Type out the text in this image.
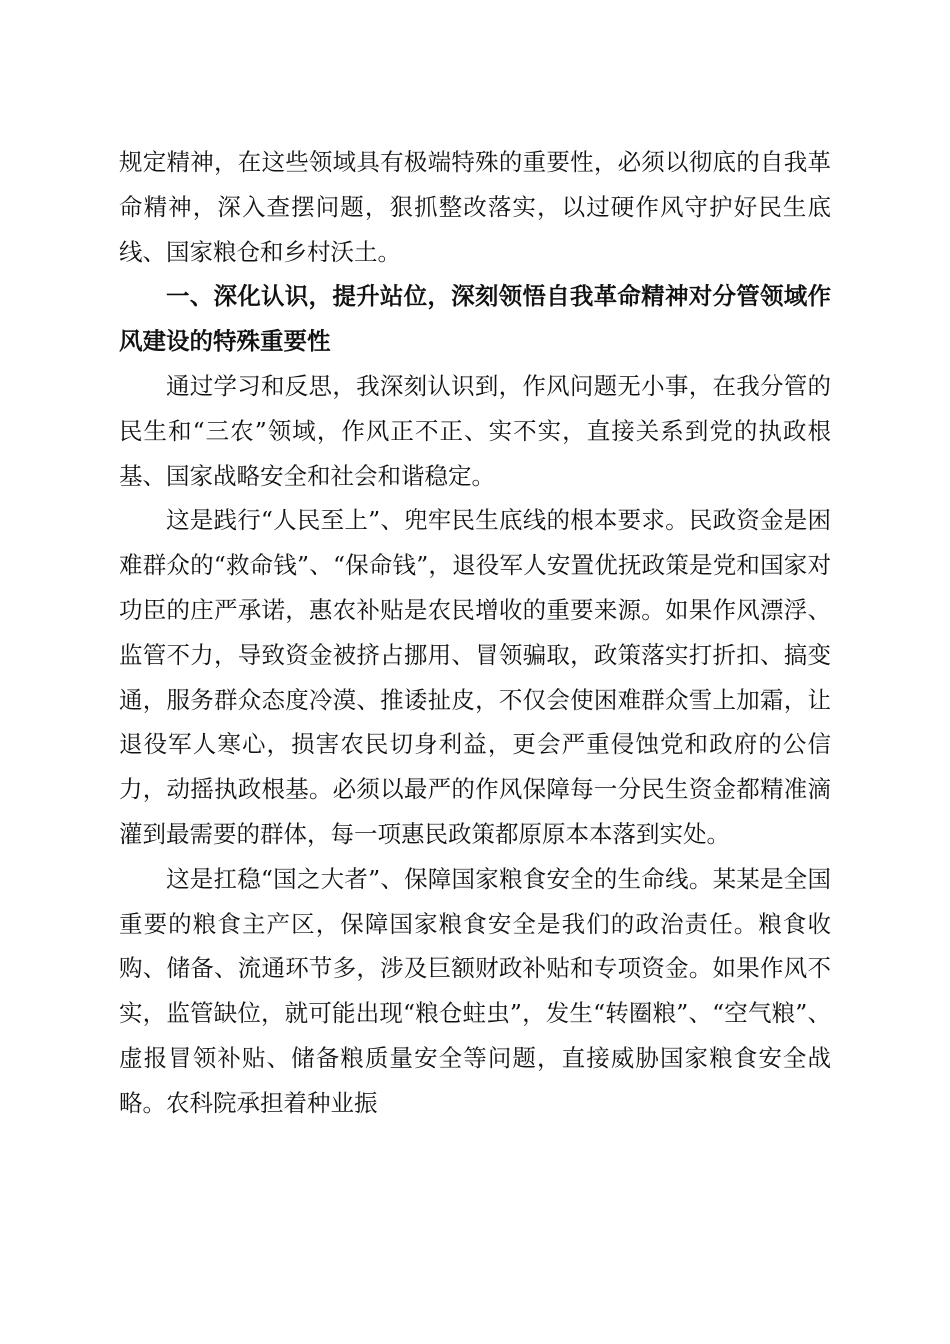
规定精神，在这些领域具有极端特殊的重要性，必须以彻底的自我革命精神，深入查摆问题，狠抓整改落实，以过硬作风守护好民生底线、国家粮仓和乡村沃土。

一、深化认识，提升站位，深刻领悟自我革命精神对分管领域作风建设的特殊重要性

通过学习和反思，我深刻认识到，作风问题无小事，在我分管的民生和“三农”领域，作风正不正、实不实，直接关系到党的执政根基、国家战略安全和社会和谐稳定。

这是践行“人民至上”、兜牢民生底线的根本要求。民政资金是困难群众的“救命钱”、“保命钱”，退役军人安置优抚政策是党和国家对功臣的庄严承诺，惠农补贴是农民增收的重要来源。如果作风漂浮、监管不力，导致资金被挤占挪用、冒领骗取，政策落实打折扣、搞变通，服务群众态度冷漠、推诿扯皮，不仅会使困难群众雪上加霜，让退役军人寒心，损害农民切身利益，更会严重侵蚀党和政府的公信力，动摇执政根基。必须以最严的作风保障每一分民生资金都精准滴灌到最需要的群体，每一项惠民政策都原原本本落到实处。

这是扛稳“国之大者”、保障国家粮食安全的生命线。某某是全国重要的粮食主产区，保障国家粮食安全是我们的政治责任。粮食收购、储备、流通环节多，涉及巨额财政补贴和专项资金。如果作风不实，监管缺位，就可能出现“粮仓蛀虫”，发生“转圈粮”、“空气粮”、虚报冒领补贴、储备粮质量安全等问题，直接威胁国家粮食安全战略。农科院承担着种业振
